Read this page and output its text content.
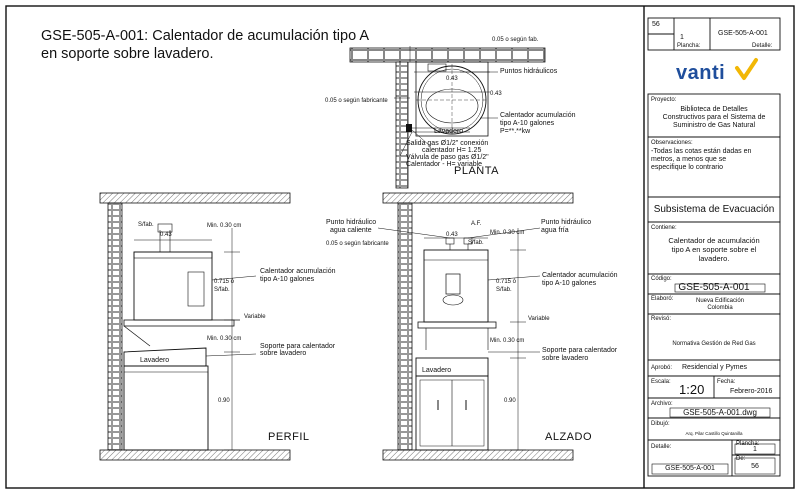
GSE-505-A-001: Calentador de acumulación tipo A
en soporte sobre lavadero.
0.05 o según fab.
0.05 o según fabricante
0.43
0.43
Puntos hidráulicos
Calentador acumulación
tipo A-10 galones
P=**.**kw
Lavadero
Salida gas Ø1/2" conexión
calentador H= 1.25
Válvula de paso gas Ø1/2"
Calentador - H= variable
PLANTA
S/fab.	Min. 0.30 cm
0.43
0.715 ó
S/fab.
Calentador acumulación
tipo A-10 galones
Variable
Min. 0.30 cm
Soporte para calentador
sobre lavadero
Lavadero
0.90
PERFIL
Punto hidráulico
agua caliente
A.F.	Punto hidráulico
agua fría
Min. 0.30 cm
0.43
0.05 o según fabricante	S/fab.
0.715 ó
S/fab.
Calentador acumulación
tipo A-10 galones
Variable
Min. 0.30 cm
Soporte para calentador
sobre lavadero
Lavadero
0.90
ALZADO
56
Plancha:
1
Detalle:
GSE-505-A-001
vanti
Proyecto:
Biblioteca de Detalles
Constructivos para el Sistema de
Suministro de Gas Natural
Observaciones:
-Todas las cotas están dadas en
metros, a menos que se
especifique lo contrario
Subsistema de Evacuación
Contiene:
Calentador de acumulación
tipo A en soporte sobre el
lavadero.
Código:
GSE-505-A-001
Elaboró:	Nueva Edificación
Colombia
Revisó:
Normativa Gestión de Red Gas
Aprobó: Residencial y Pymes
Escala: 1:20 Fecha:
Febrero-2016
Archivo:
GSE-505-A-001.dwg
Dibujó:
Arq. Pilar Castillo Quintanilla
Detalle:
GSE-505-A-001
Plancha:
1
De:
56
